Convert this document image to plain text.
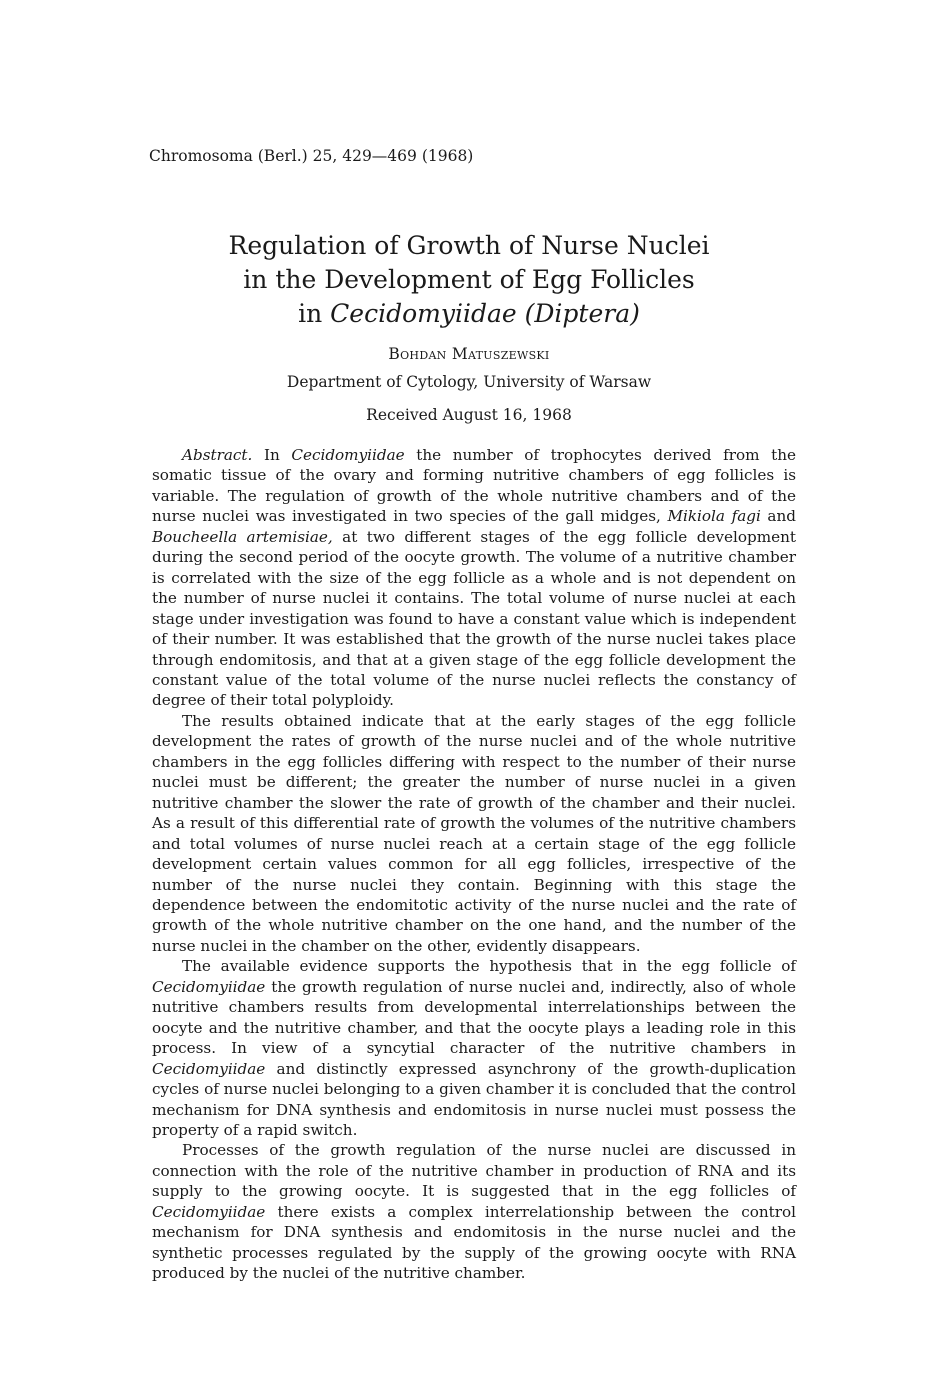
Chromosoma (Berl.) 25, 429—469 (1968)
Regulation of Growth of Nurse Nuclei
in the Development of Egg Follicles
in Cecidomyiidae (Diptera)
Bohdan Matuszewski
Department of Cytology, University of Warsaw
Received August 16, 1968

Abstract. In Cecidomyiidae the number of trophocytes derived from the somatic tissue of the ovary and forming nutritive chambers of egg follicles is variable. The regulation of growth of the whole nutritive chambers and of the nurse nuclei was investigated in two species of the gall midges, Mikiola fagi and Boucheella artemisiae, at two different stages of the egg follicle development during the second period of the oocyte growth. The volume of a nutritive chamber is correlated with the size of the egg follicle as a whole and is not dependent on the number of nurse nuclei it contains. The total volume of nurse nuclei at each stage under investigation was found to have a constant value which is independent of their number. It was established that the growth of the nurse nuclei takes place through endomitosis, and that at a given stage of the egg follicle development the constant value of the total volume of the nurse nuclei reflects the constancy of degree of their total polyploidy.

The results obtained indicate that at the early stages of the egg follicle development the rates of growth of the nurse nuclei and of the whole nutritive chambers in the egg follicles differing with respect to the number of their nurse nuclei must be different; the greater the number of nurse nuclei in a given nutritive chamber the slower the rate of growth of the chamber and their nuclei. As a result of this differential rate of growth the volumes of the nutritive chambers and total volumes of nurse nuclei reach at a certain stage of the egg follicle development certain values common for all egg follicles, irrespective of the number of the nurse nuclei they contain. Beginning with this stage the dependence between the endomitotic activity of the nurse nuclei and the rate of growth of the whole nutritive chamber on the one hand, and the number of the nurse nuclei in the chamber on the other, evidently disappears.

The available evidence supports the hypothesis that in the egg follicle of Cecidomyiidae the growth regulation of nurse nuclei and, indirectly, also of whole nutritive chambers results from developmental interrelationships between the oocyte and the nutritive chamber, and that the oocyte plays a leading role in this process. In view of a syncytial character of the nutritive chambers in Cecidomyiidae and distinctly expressed asynchrony of the growth-duplication cycles of nurse nuclei belonging to a given chamber it is concluded that the control mechanism for DNA synthesis and endomitosis in nurse nuclei must possess the property of a rapid switch.

Processes of the growth regulation of the nurse nuclei are discussed in connection with the role of the nutritive chamber in production of RNA and its supply to the growing oocyte. It is suggested that in the egg follicles of Cecidomyiidae there exists a complex interrelationship between the control mechanism for DNA synthesis and endomitosis in the nurse nuclei and the synthetic processes regulated by the supply of the growing oocyte with RNA produced by the nuclei of the nutritive chamber.
